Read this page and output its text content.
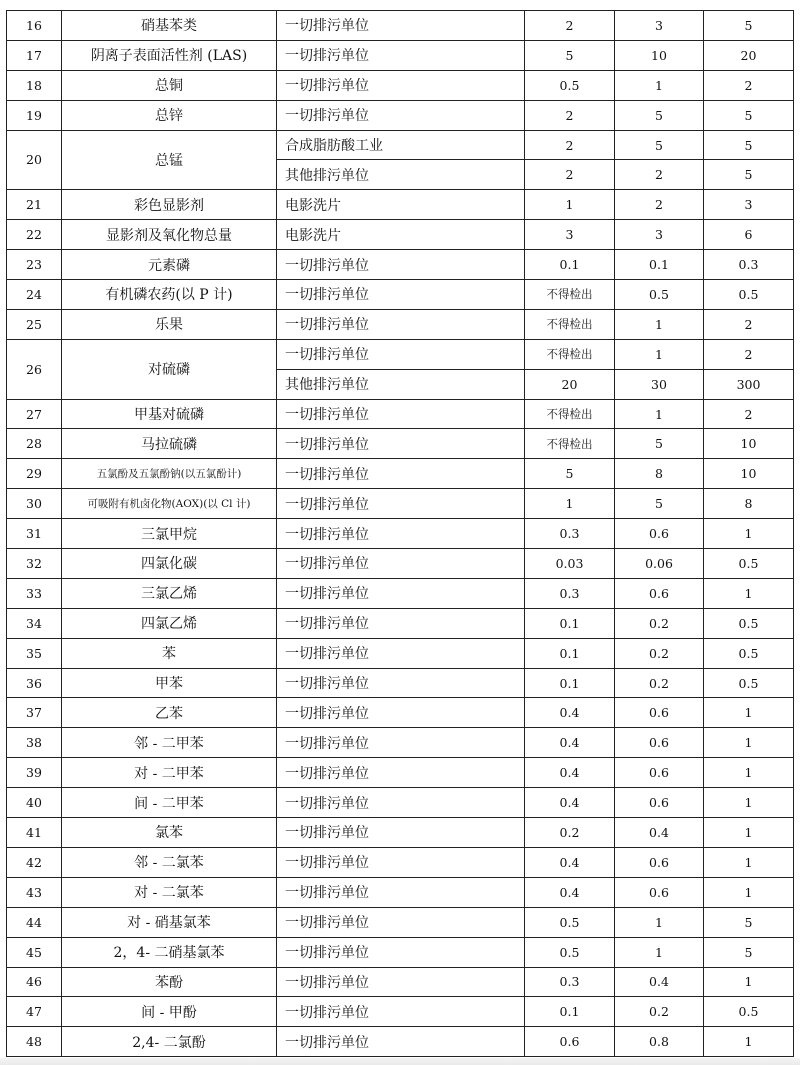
16	硝基苯类	一切排污单位	2	3	5
17	阴离子表面活性剂 (LAS)	一切排污单位	5	10	20
18	总铜	一切排污单位	0.5	1	2
19	总锌	一切排污单位	2	5	5
20	总锰	合成脂肪酸工业	2	5	5
		其他排污单位	2	2	5
21	彩色显影剂	电影洗片	1	2	3
22	显影剂及氧化物总量	电影洗片	3	3	6
23	元素磷	一切排污单位	0.1	0.1	0.3
24	有机磷农药(以 P 计)	一切排污单位	不得检出	0.5	0.5
25	乐果	一切排污单位	不得检出	1	2
26	对硫磷	一切排污单位	不得检出	1	2
		其他排污单位	20	30	300
27	甲基对硫磷	一切排污单位	不得检出	1	2
28	马拉硫磷	一切排污单位	不得检出	5	10
29	五氯酚及五氯酚钠(以五氯酚计)	一切排污单位	5	8	10
30	可吸附有机卤化物(AOX)(以 Cl 计)	一切排污单位	1	5	8
31	三氯甲烷	一切排污单位	0.3	0.6	1
32	四氯化碳	一切排污单位	0.03	0.06	0.5
33	三氯乙烯	一切排污单位	0.3	0.6	1
34	四氯乙烯	一切排污单位	0.1	0.2	0.5
35	苯	一切排污单位	0.1	0.2	0.5
36	甲苯	一切排污单位	0.1	0.2	0.5
37	乙苯	一切排污单位	0.4	0.6	1
38	邻 - 二甲苯	一切排污单位	0.4	0.6	1
39	对 - 二甲苯	一切排污单位	0.4	0.6	1
40	间 - 二甲苯	一切排污单位	0.4	0.6	1
41	氯苯	一切排污单位	0.2	0.4	1
42	邻 - 二氯苯	一切排污单位	0.4	0.6	1
43	对 - 二氯苯	一切排污单位	0.4	0.6	1
44	对 - 硝基氯苯	一切排污单位	0.5	1	5
45	2，4- 二硝基氯苯	一切排污单位	0.5	1	5
46	苯酚	一切排污单位	0.3	0.4	1
47	间 - 甲酚	一切排污单位	0.1	0.2	0.5
48	2,4- 二氯酚	一切排污单位	0.6	0.8	1
